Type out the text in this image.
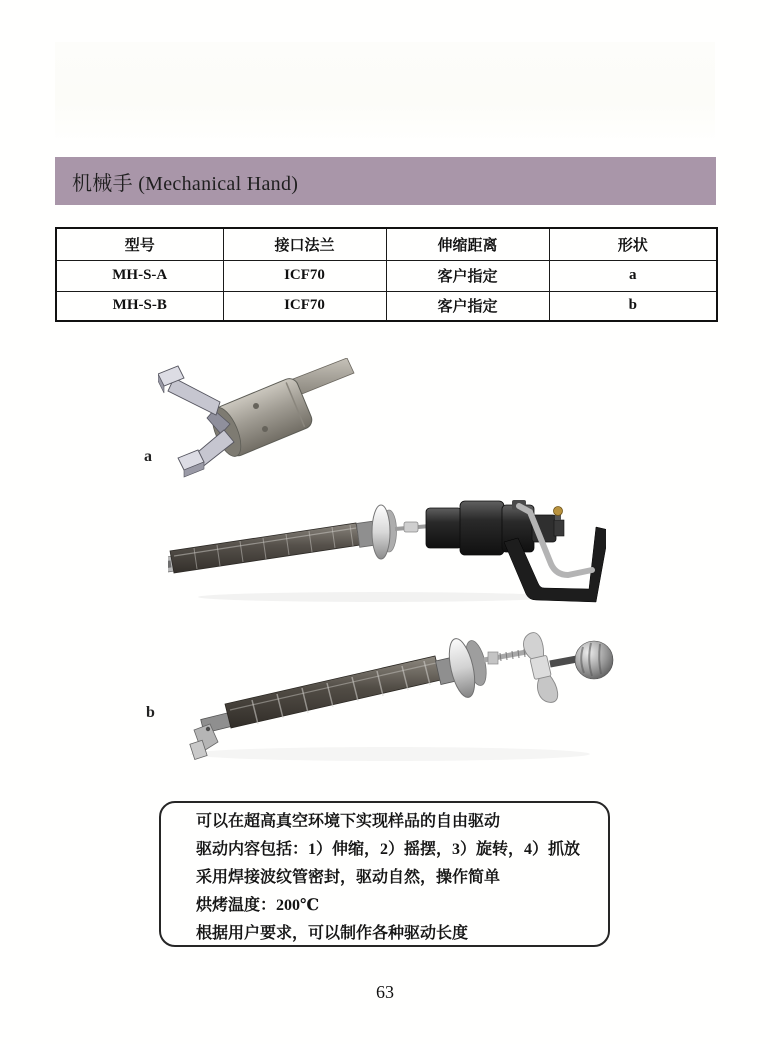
机械手 (Mechanical Hand)
型号	接口法兰	伸缩距离	形状
MH-S-A	ICF70	客户指定	a
MH-S-B	ICF70	客户指定	b
a
b
可以在超高真空环境下实现样品的自由驱动
驱动内容包括：1）伸缩，2）摇摆，3）旋转，4）抓放
采用焊接波纹管密封，驱动自然，操作简单
烘烤温度：200℃
根据用户要求，可以制作各种驱动长度
63
